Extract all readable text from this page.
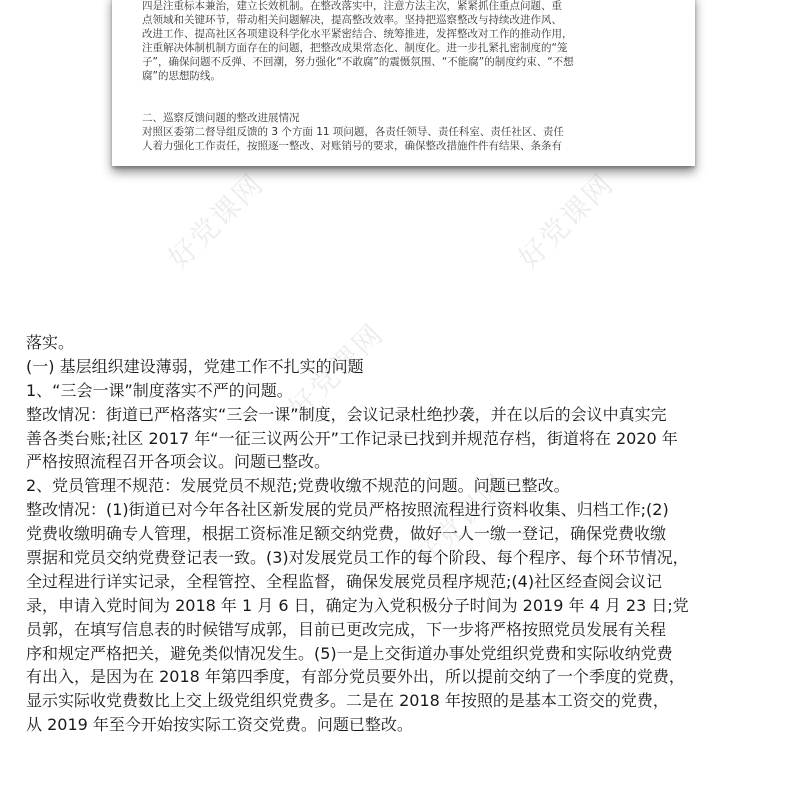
好党课网	好党课网
好党课网
好党课网
四是注重标本兼治，建立长效机制。在整改落实中，注意方法主次，紧紧抓住重点问题、重
点领域和关键环节，带动相关问题解决，提高整改效率。坚持把巡察整改与持续改进作风、
改进工作、提高社区各项建设科学化水平紧密结合、统筹推进，发挥整改对工作的推动作用，
注重解决体制机制方面存在的问题，把整改成果常态化、制度化。进一步扎紧扎密制度的“笼
子”，确保问题不反弹、不回潮，努力强化“不敢腐”的震慑氛围、“不能腐”的制度约束、“不想
腐”的思想防线。
二、巡察反馈问题的整改进展情况
对照区委第二督导组反馈的 3 个方面 11 项问题，各责任领导、责任科室、责任社区、责任
人着力强化工作责任，按照逐一整改、对账销号的要求，确保整改措施件件有结果、条条有
落实。
(一) 基层组织建设薄弱，党建工作不扎实的问题
1、“三会一课”制度落实不严的问题。
整改情况：街道已严格落实“三会一课”制度，会议记录杜绝抄袭，并在以后的会议中真实完
善各类台账;社区 2017 年“一征三议两公开”工作记录已找到并规范存档，街道将在 2020 年
严格按照流程召开各项会议。问题已整改。
2、党员管理不规范：发展党员不规范;党费收缴不规范的问题。问题已整改。
整改情况：(1)街道已对今年各社区新发展的党员严格按照流程进行资料收集、归档工作;(2)
党费收缴明确专人管理，根据工资标准足额交纳党费，做好一人一缴一登记，确保党费收缴
票据和党员交纳党费登记表一致。(3)对发展党员工作的每个阶段、每个程序、每个环节情况，
全过程进行详实记录，全程管控、全程监督，确保发展党员程序规范;(4)社区经查阅会议记
录，申请入党时间为 2018 年 1 月 6 日，确定为入党积极分子时间为 2019 年 4 月 23 日;党
员郭，在填写信息表的时候错写成郭，目前已更改完成，下一步将严格按照党员发展有关程
序和规定严格把关，避免类似情况发生。(5)一是上交街道办事处党组织党费和实际收纳党费
有出入，是因为在 2018 年第四季度，有部分党员要外出，所以提前交纳了一个季度的党费，
显示实际收党费数比上交上级党组织党费多。二是在 2018 年按照的是基本工资交的党费，
从 2019 年至今开始按实际工资交党费。问题已整改。
